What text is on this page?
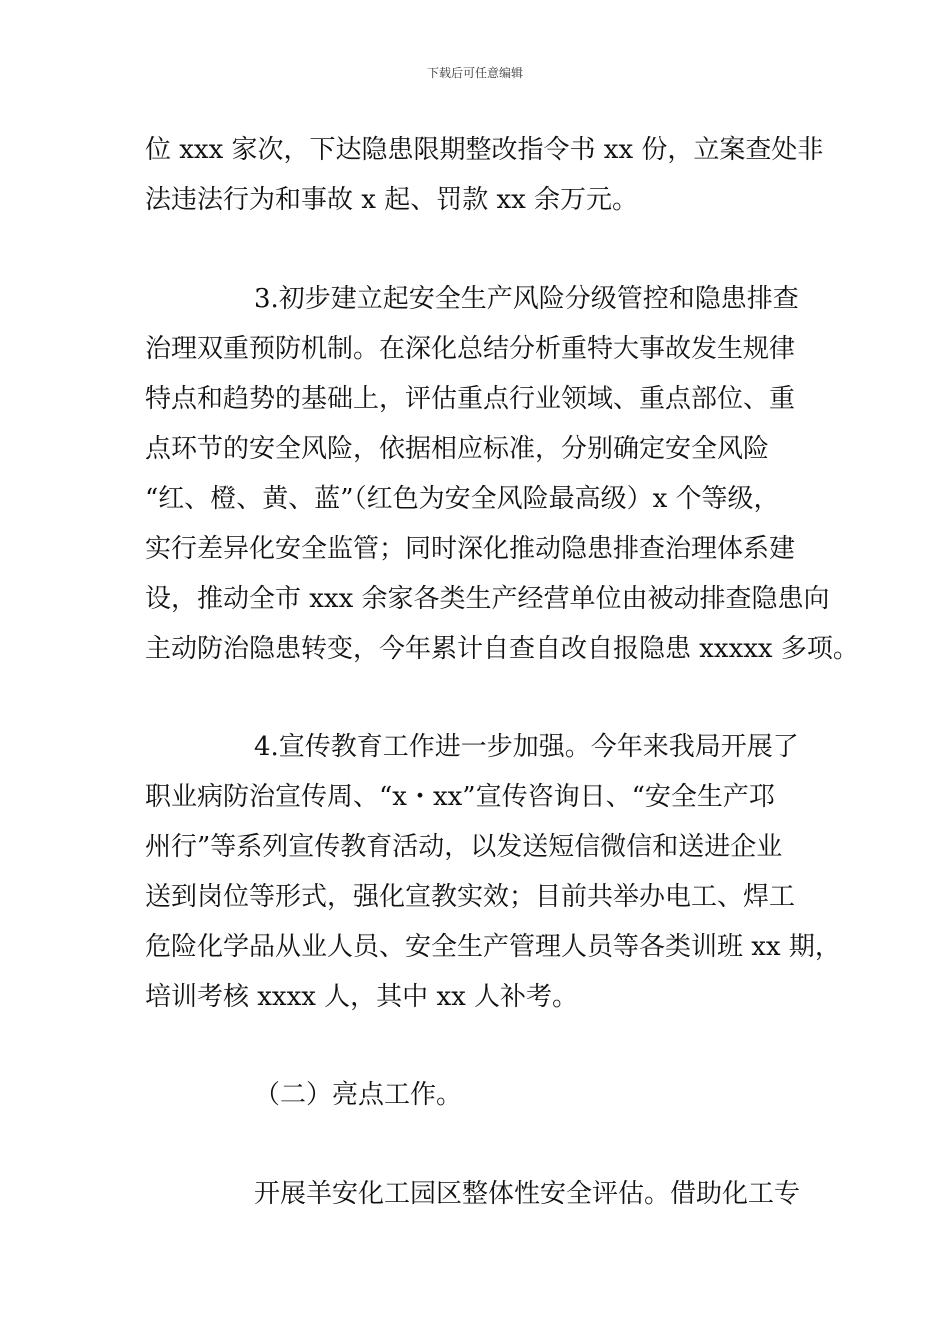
下载后可任意编辑
位 xxx 家次，下达隐患限期整改指令书 xx 份，立案查处非
法违法行为和事故 x 起、罚款 xx 余万元。
3.初步建立起安全生产风险分级管控和隐患排查
治理双重预防机制。在深化总结分析重特大事故发生规律
特点和趋势的基础上，评估重点行业领域、重点部位、重
点环节的安全风险，依据相应标准，分别确定安全风险
“红、橙、黄、蓝”（红色为安全风险最高级）x 个等级，
实行差异化安全监管；同时深化推动隐患排查治理体系建
设，推动全市 xxx 余家各类生产经营单位由被动排查隐患向
主动防治隐患转变，今年累计自查自改自报隐患 xxxxx 多项。
4.宣传教育工作进一步加强。今年来我局开展了
职业病防治宣传周、“x・xx”宣传咨询日、“安全生产邛
州行”等系列宣传教育活动，以发送短信微信和送进企业
送到岗位等形式，强化宣教实效；目前共举办电工、焊工
危险化学品从业人员、安全生产管理人员等各类训班 xx 期，
培训考核 xxxx 人，其中 xx 人补考。
（二）亮点工作。
开展羊安化工园区整体性安全评估。借助化工专
